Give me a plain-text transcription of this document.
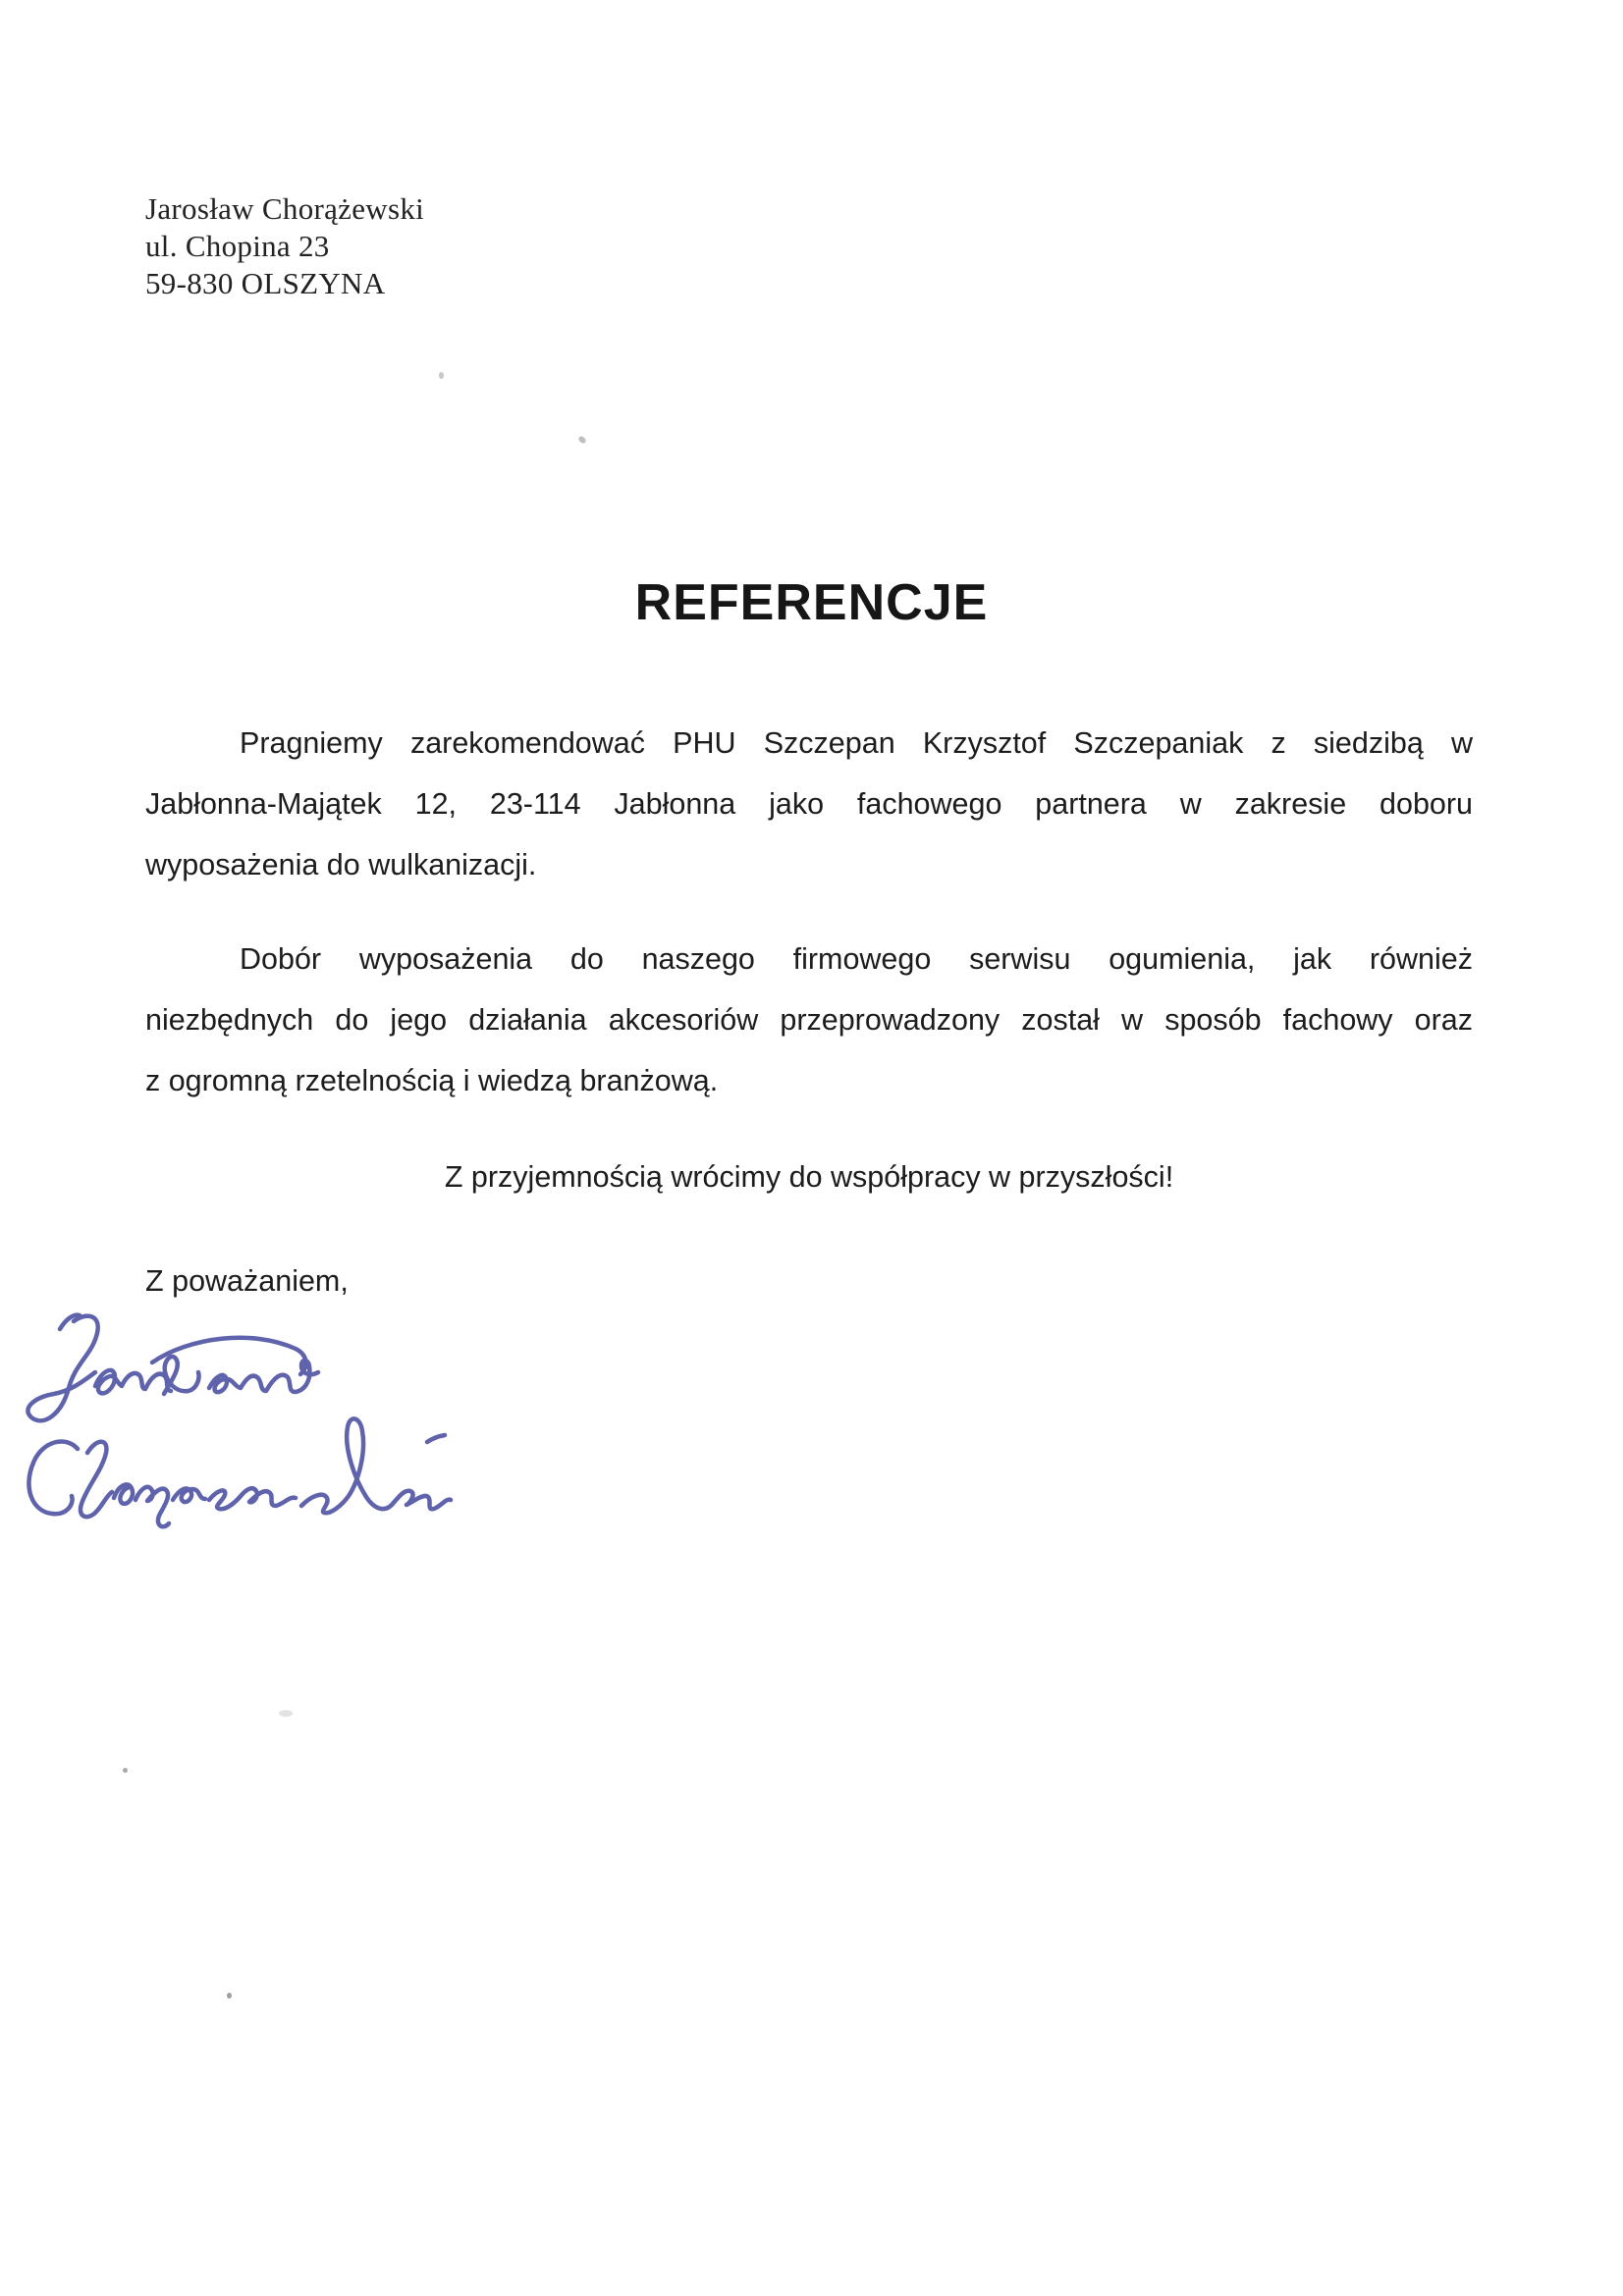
Jarosław Chorążewski
ul. Chopina 23
59-830 OLSZYNA
REFERENCJE
Pragniemy zarekomendować PHU Szczepan Krzysztof Szczepaniak z siedzibą w
Jabłonna-Majątek 12, 23-114 Jabłonna jako fachowego partnera w zakresie doboru
wyposażenia do wulkanizacji.
Dobór wyposażenia do naszego firmowego serwisu ogumienia, jak również
niezbędnych do jego działania akcesoriów przeprowadzony został w sposób fachowy oraz
z ogromną rzetelnością i wiedzą branżową.
Z przyjemnością wrócimy do współpracy w przyszłości!
Z poważaniem,
